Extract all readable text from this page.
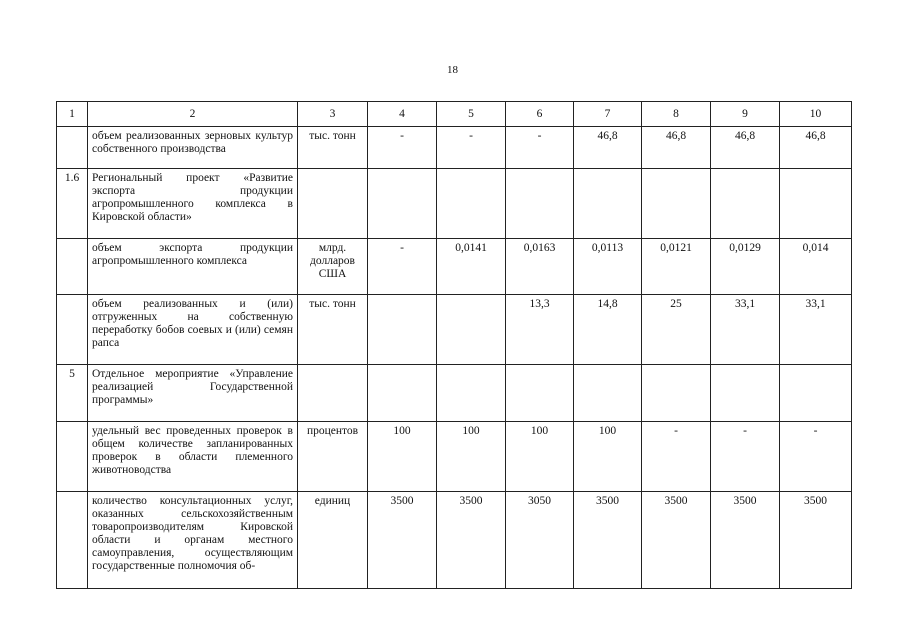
18
1	2	3	4	5	6	7	8	9	10
	объем реализованных зерновых культур собственного производства	тыс. тонн	-	-	-	46,8	46,8	46,8	46,8
1.6	Региональный проект «Развитие экспорта продукции агропромышленного комплекса в Кировской области»								
	объем экспорта продукции агропромышленного комплекса	млрд. долларов США	-	0,0141	0,0163	0,0113	0,0121	0,0129	0,014
	объем реализованных и (или) отгруженных на собственную переработку бобов соевых и (или) семян рапса	тыс. тонн			13,3	14,8	25	33,1	33,1
5	Отдельное мероприятие «Управление реализацией Государственной программы»								
	удельный вес проведенных проверок в общем количестве запланированных проверок в области племенного животноводства	процентов	100	100	100	100	-	-	-
	количество консультационных услуг, оказанных сельскохозяйственным товаропроизводителям Кировской области и органам местного самоуправления, осуществляющим государственные полномочия об-	единиц	3500	3500	3050	3500	3500	3500	3500
